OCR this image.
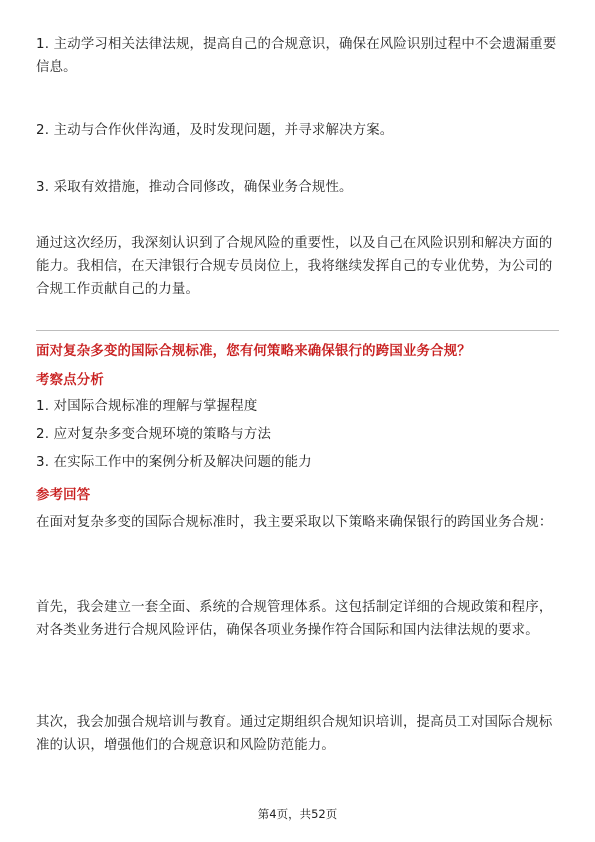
1. 主动学习相关法律法规，提高自己的合规意识，确保在风险识别过程中不会遗漏重要信息。

2. 主动与合作伙伴沟通，及时发现问题，并寻求解决方案。

3. 采取有效措施，推动合同修改，确保业务合规性。

通过这次经历，我深刻认识到了合规风险的重要性，以及自己在风险识别和解决方面的能力。我相信，在天津银行合规专员岗位上，我将继续发挥自己的专业优势，为公司的合规工作贡献自己的力量。

面对复杂多变的国际合规标准，您有何策略来确保银行的跨国业务合规？

考察点分析

1. 对国际合规标准的理解与掌握程度

2. 应对复杂多变合规环境的策略与方法

3. 在实际工作中的案例分析及解决问题的能力

参考回答

在面对复杂多变的国际合规标准时，我主要采取以下策略来确保银行的跨国业务合规：

首先，我会建立一套全面、系统的合规管理体系。这包括制定详细的合规政策和程序，对各类业务进行合规风险评估，确保各项业务操作符合国际和国内法律法规的要求。

其次，我会加强合规培训与教育。通过定期组织合规知识培训，提高员工对国际合规标准的认识，增强他们的合规意识和风险防范能力。

第4页，共52页
